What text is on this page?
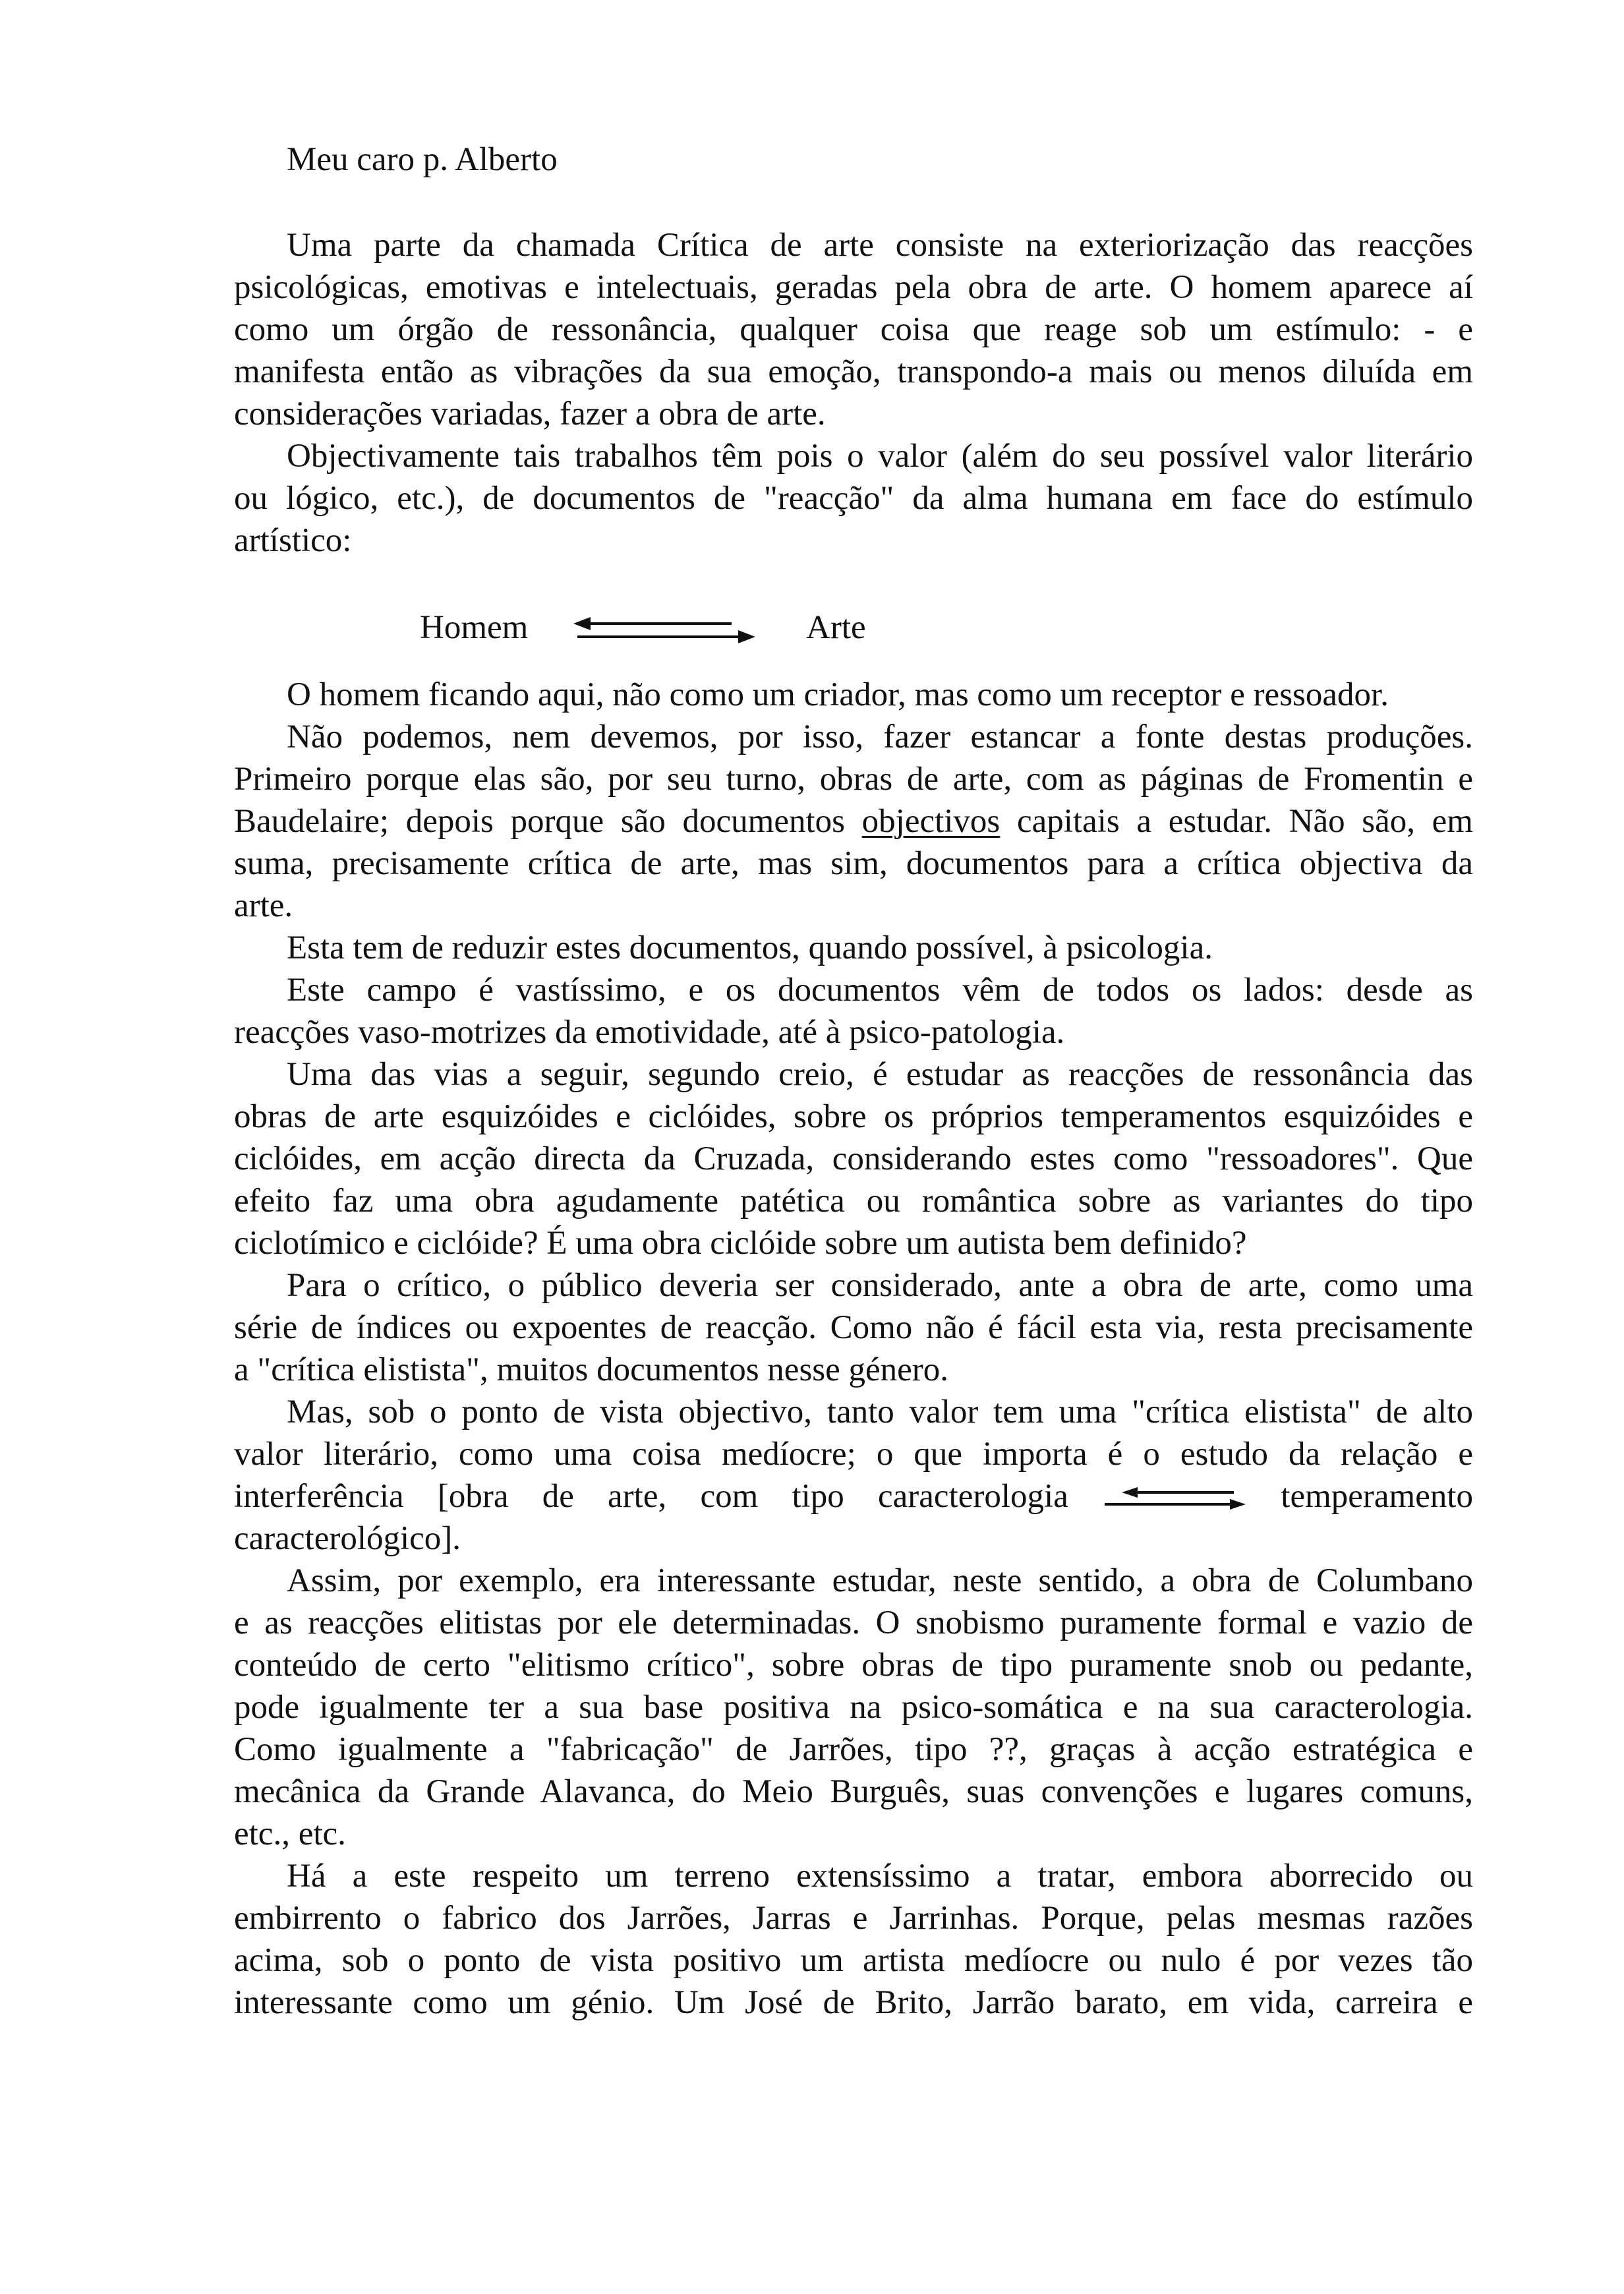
Meu caro p. Alberto
Uma parte da chamada Crítica de arte consiste na exteriorização das reacções
psicológicas, emotivas e intelectuais, geradas pela obra de arte. O homem aparece aí
como um órgão de ressonância, qualquer coisa que reage sob um estímulo: - e
manifesta então as vibrações da sua emoção, transpondo-a mais ou menos diluída em
considerações variadas, fazer a obra de arte.
Objectivamente tais trabalhos têm pois o valor (além do seu possível valor literário
ou lógico, etc.), de documentos de "reacção" da alma humana em face do estímulo
artístico:
Homem	Arte
O homem ficando aqui, não como um criador, mas como um receptor e ressoador.
Não podemos, nem devemos, por isso, fazer estancar a fonte destas produções.
Primeiro porque elas são, por seu turno, obras de arte, com as páginas de Fromentin e
Baudelaire; depois porque são documentos objectivos capitais a estudar. Não são, em
suma, precisamente crítica de arte, mas sim, documentos para a crítica objectiva da
arte.
Esta tem de reduzir estes documentos, quando possível, à psicologia.
Este campo é vastíssimo, e os documentos vêm de todos os lados: desde as
reacções vaso-motrizes da emotividade, até à psico-patologia.
Uma das vias a seguir, segundo creio, é estudar as reacções de ressonância das
obras de arte esquizóides e ciclóides, sobre os próprios temperamentos esquizóides e
ciclóides, em acção directa da Cruzada, considerando estes como "ressoadores". Que
efeito faz uma obra agudamente patética ou romântica sobre as variantes do tipo
ciclotímico e ciclóide? É uma obra ciclóide sobre um autista bem definido?
Para o crítico, o público deveria ser considerado, ante a obra de arte, como uma
série de índices ou expoentes de reacção. Como não é fácil esta via, resta precisamente
a "crítica elistista", muitos documentos nesse género.
Mas, sob o ponto de vista objectivo, tanto valor tem uma "crítica elistista" de alto
valor literário, como uma coisa medíocre; o que importa é o estudo da relação e
interferência [obra de arte, com tipo caracterologia	temperamento
caracterológico].
Assim, por exemplo, era interessante estudar, neste sentido, a obra de Columbano
e as reacções elitistas por ele determinadas. O snobismo puramente formal e vazio de
conteúdo de certo "elitismo crítico", sobre obras de tipo puramente snob ou pedante,
pode igualmente ter a sua base positiva na psico-somática e na sua caracterologia.
Como igualmente a "fabricação" de Jarrões, tipo ??, graças à acção estratégica e
mecânica da Grande Alavanca, do Meio Burguês, suas convenções e lugares comuns,
etc., etc.
Há a este respeito um terreno extensíssimo a tratar, embora aborrecido ou
embirrento o fabrico dos Jarrões, Jarras e Jarrinhas. Porque, pelas mesmas razões
acima, sob o ponto de vista positivo um artista medíocre ou nulo é por vezes tão
interessante como um génio. Um José de Brito, Jarrão barato, em vida, carreira e
